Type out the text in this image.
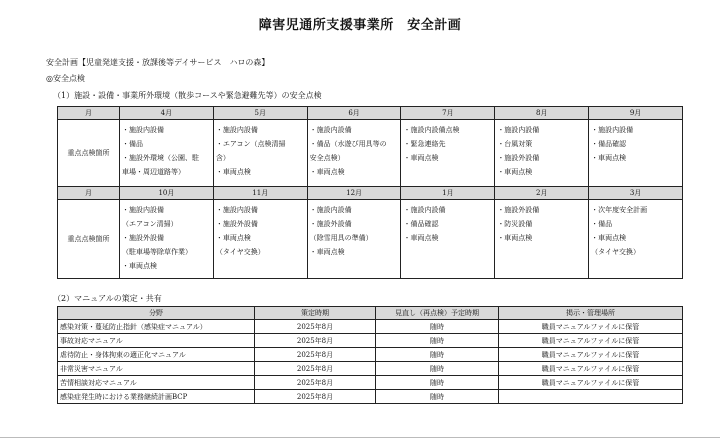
障害児通所支援事業所　安全計画
安全計画【児童発達支援・放課後等デイサービス　ハロの森】
◎安全点検
（1）施設・設備・事業所外環境（散歩コースや緊急避難先等）の安全点検
月	4月	5月	6月	7月	8月	9月
重点点検箇所	・施設内設備
・備品
・施設外環境（公園、駐
車場・周辺道路等）	・施設内設備
・エアコン（点検清掃
含）
・車両点検	・施設内設備
・備品（水遊び用具等の
安全点検）
・車両点検	・施設内設備点検
・緊急連絡先
・車両点検	・施設内設備
・台風対策
・施設外設備
・車両点検	・施設内設備
・備品確認
・車両点検

月	10月	11月	12月	1月	2月	3月
重点点検箇所	・施設内設備
（エアコン清掃）
・施設外設備
（駐車場等除草作業）
・車両点検	・施設内設備
・施設外設備
・車両点検
（タイヤ交換）	・施設内設備
・施設外設備
（除雪用具の準備）
・車両点検	・施設内設備
・備品確認
・車両点検	・施設外設備
・防災設備
・車両点検	・次年度安全計画
・備品
・車両点検
（タイヤ交換）
（2）マニュアルの策定・共有
分野	策定時期	見直し（再点検）予定時期	掲示・管理場所
感染対策・蔓延防止指針（感染症マニュアル）	2025年8月	随時	職員マニュアルファイルに保管
事故対応マニュアル	2025年8月	随時	職員マニュアルファイルに保管
虐待防止・身体拘束の適正化マニュアル	2025年8月	随時	職員マニュアルファイルに保管
非常災害マニュアル	2025年8月	随時	職員マニュアルファイルに保管
苦情相談対応マニュアル	2025年8月	随時	職員マニュアルファイルに保管
感染症発生時における業務継続計画BCP	2025年8月	随時	
